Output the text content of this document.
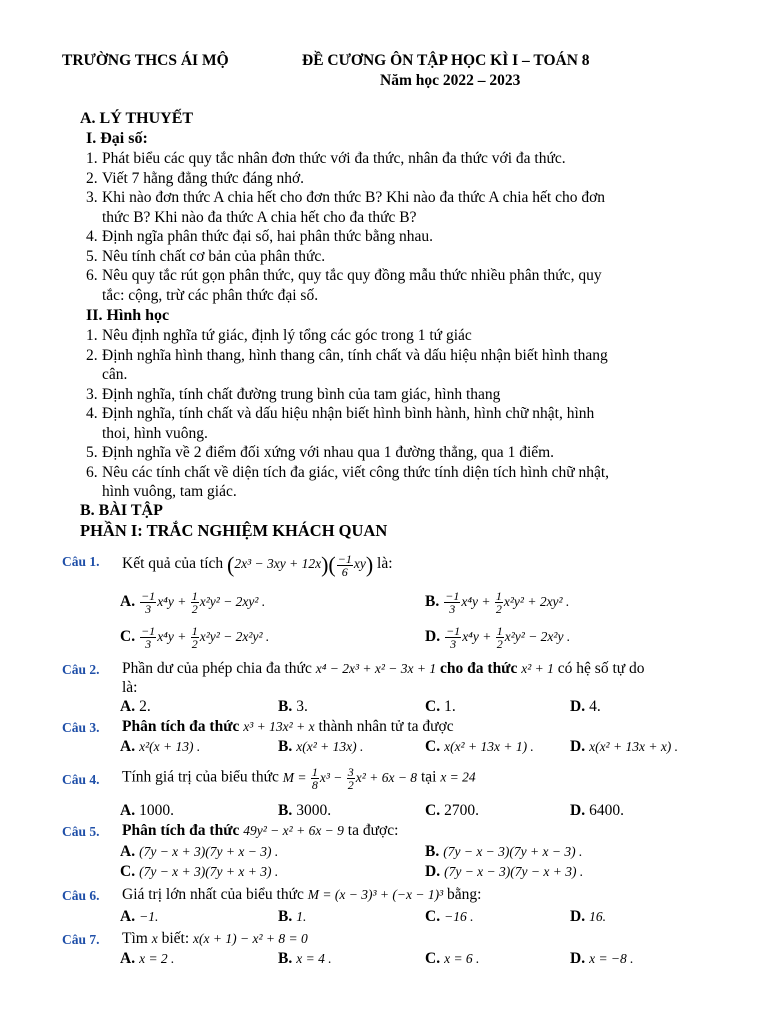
TRƯỜNG THCS ÁI MỘ	ĐỀ CƯƠNG ÔN TẬP HỌC KÌ I – TOÁN 8
Năm học 2022 – 2023
A. LÝ THUYẾT
I. Đại số:
1. Phát biểu các quy tắc nhân đơn thức với đa thức, nhân đa thức với đa thức.
2. Viết 7 hằng đẳng thức đáng nhớ.
3. Khi nào đơn thức A chia hết cho đơn thức B? Khi nào đa thức A chia hết cho đơn
thức B? Khi nào đa thức A chia hết cho đa thức B?
4. Định ngĩa phân thức đại số, hai phân thức bằng nhau.
5. Nêu tính chất cơ bản của phân thức.
6. Nêu quy tắc rút gọn phân thức, quy tắc quy đồng mẫu thức nhiều phân thức, quy
tắc: cộng, trừ các phân thức đại số.
II. Hình học
1. Nêu định nghĩa tứ giác, định lý tổng các góc trong 1 tứ giác
2. Định nghĩa hình thang, hình thang cân, tính chất và dấu hiệu nhận biết hình thang
cân.
3. Định nghĩa, tính chất đường trung bình của tam giác, hình thang
4. Định nghĩa, tính chất và dấu hiệu nhận biết hình bình hành, hình chữ nhật, hình
thoi, hình vuông.
5. Định nghĩa về 2 điểm đối xứng với nhau qua 1 đường thẳng, qua 1 điểm.
6. Nêu các tính chất về diện tích đa giác, viết công thức tính diện tích hình chữ nhật,
hình vuông, tam giác.
B. BÀI TẬP
PHẦN I: TRẮC NGHIỆM KHÁCH QUAN
Câu 1. Kết quả của tích $(2x^3 - 3xy + 12x)( \frac{-1}{6} xy)$ là:
A. $\frac{-1}{3} x^4y + \frac{1}{2} x^2y^2 - 2xy^2$ .	B. $\frac{-1}{3} x^4y + \frac{1}{2} x^2y^2 + 2xy^2$ .
C. $\frac{-1}{3} x^4y + \frac{1}{2} x^2y^2 - 2x^2y^2$ .	D. $\frac{-1}{3} x^4y + \frac{1}{2} x^2y^2 - 2x^2y$ .
Câu 2. Phần dư của phép chia đa thức x⁴ − 2x³ + x² − 3x + 1 cho đa thức x² + 1 có hệ số tự do
là:
A. 2.	B. 3.	C. 1.	D. 4.
Câu 3. Phân tích đa thức x³ + 13x² + x thành nhân tử ta được
A. x²(x + 13) .	B. x(x² + 13x) .	C. x(x² + 13x + 1) . D. x(x² + 13x + x) .
Câu 4. Tính giá trị của biểu thức $M = \frac{1}{8} x^3 - \frac{3}{2} x^2 + 6x - 8$ tại x = 24
A. 1000.	B. 3000.	C. 2700.	D. 6400.
Câu 5. Phân tích đa thức 49y² − x² + 6x − 9 ta được:
A. (7y − x + 3)(7y + x − 3) .	B. (7y − x − 3)(7y + x − 3) .
C. (7y − x + 3)(7y + x + 3) .	D. (7y − x − 3)(7y − x + 3) .
Câu 6. Giá trị lớn nhất của biểu thức M = (x − 3)³ + (−x − 1)³ bằng:
A. −1.	B. 1.	C. −16 .	D. 16.
Câu 7. Tìm x biết: x(x + 1) − x² + 8 = 0
A. x = 2 .	B. x = 4 .	C. x = 6 .	D. x = −8 .
